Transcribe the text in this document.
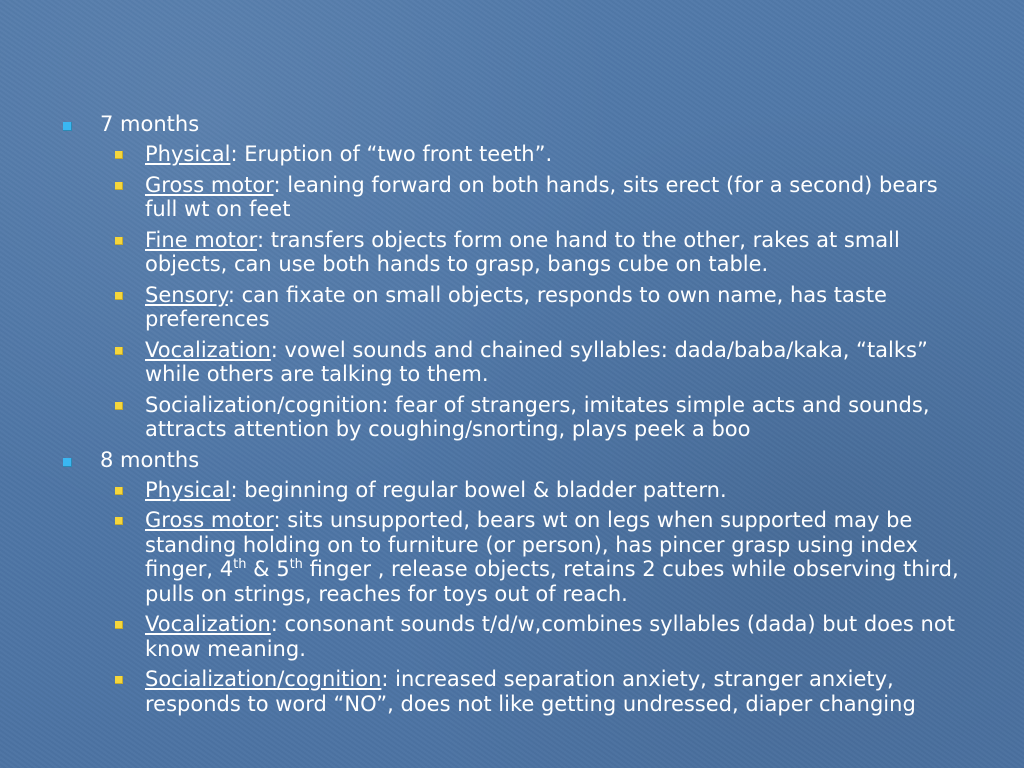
7 months
Physical: Eruption of “two front teeth”.
Gross motor: leaning forward on both hands, sits erect (for a second) bears full wt on feet
Fine motor: transfers objects form one hand to the other, rakes at small objects, can use both hands to grasp, bangs cube on table.
Sensory: can fixate on small objects, responds to own name, has taste preferences
Vocalization: vowel sounds and chained syllables: dada/baba/kaka, “talks” while others are talking to them.
Socialization/cognition: fear of strangers, imitates simple acts and sounds, attracts attention by coughing/snorting, plays peek a boo
8 months
Physical: beginning of regular bowel & bladder pattern.
Gross motor: sits unsupported, bears wt on legs when supported may be standing holding on to furniture (or person), has pincer grasp using index finger, 4th & 5th finger , release objects, retains 2 cubes while observing third, pulls on strings, reaches for toys out of reach.
Vocalization: consonant sounds t/d/w,combines syllables (dada) but does not know meaning.
Socialization/cognition: increased separation anxiety, stranger anxiety, responds to word “NO”, does not like getting undressed, diaper changing
